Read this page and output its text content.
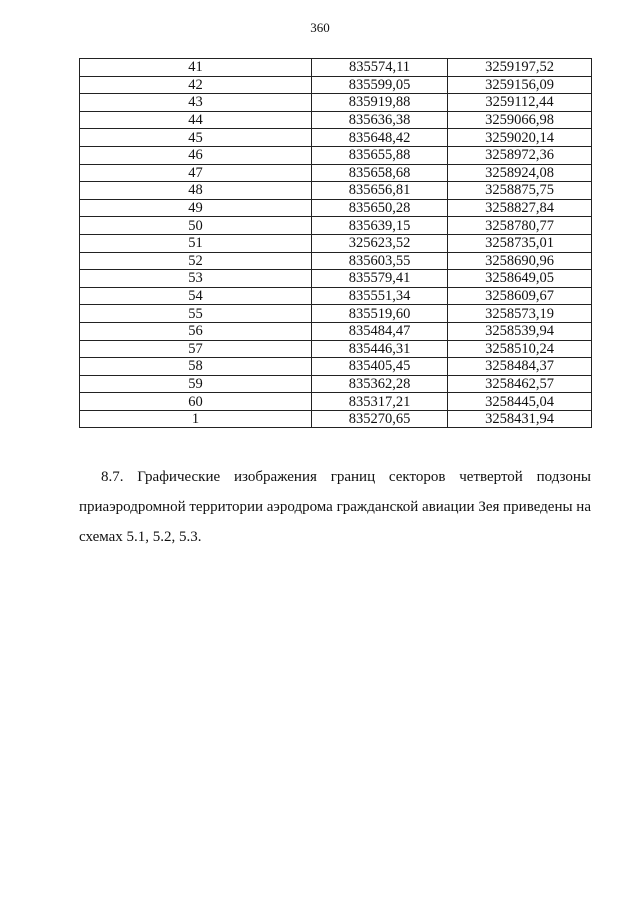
360
41	835574,11	3259197,52
42	835599,05	3259156,09
43	835919,88	3259112,44
44	835636,38	3259066,98
45	835648,42	3259020,14
46	835655,88	3258972,36
47	835658,68	3258924,08
48	835656,81	3258875,75
49	835650,28	3258827,84
50	835639,15	3258780,77
51	325623,52	3258735,01
52	835603,55	3258690,96
53	835579,41	3258649,05
54	835551,34	3258609,67
55	835519,60	3258573,19
56	835484,47	3258539,94
57	835446,31	3258510,24
58	835405,45	3258484,37
59	835362,28	3258462,57
60	835317,21	3258445,04
1	835270,65	3258431,94

8.7. Графические изображения границ секторов четвертой подзоны приаэродромной территории аэродрома гражданской авиации Зея приведены на схемах 5.1, 5.2, 5.3.
